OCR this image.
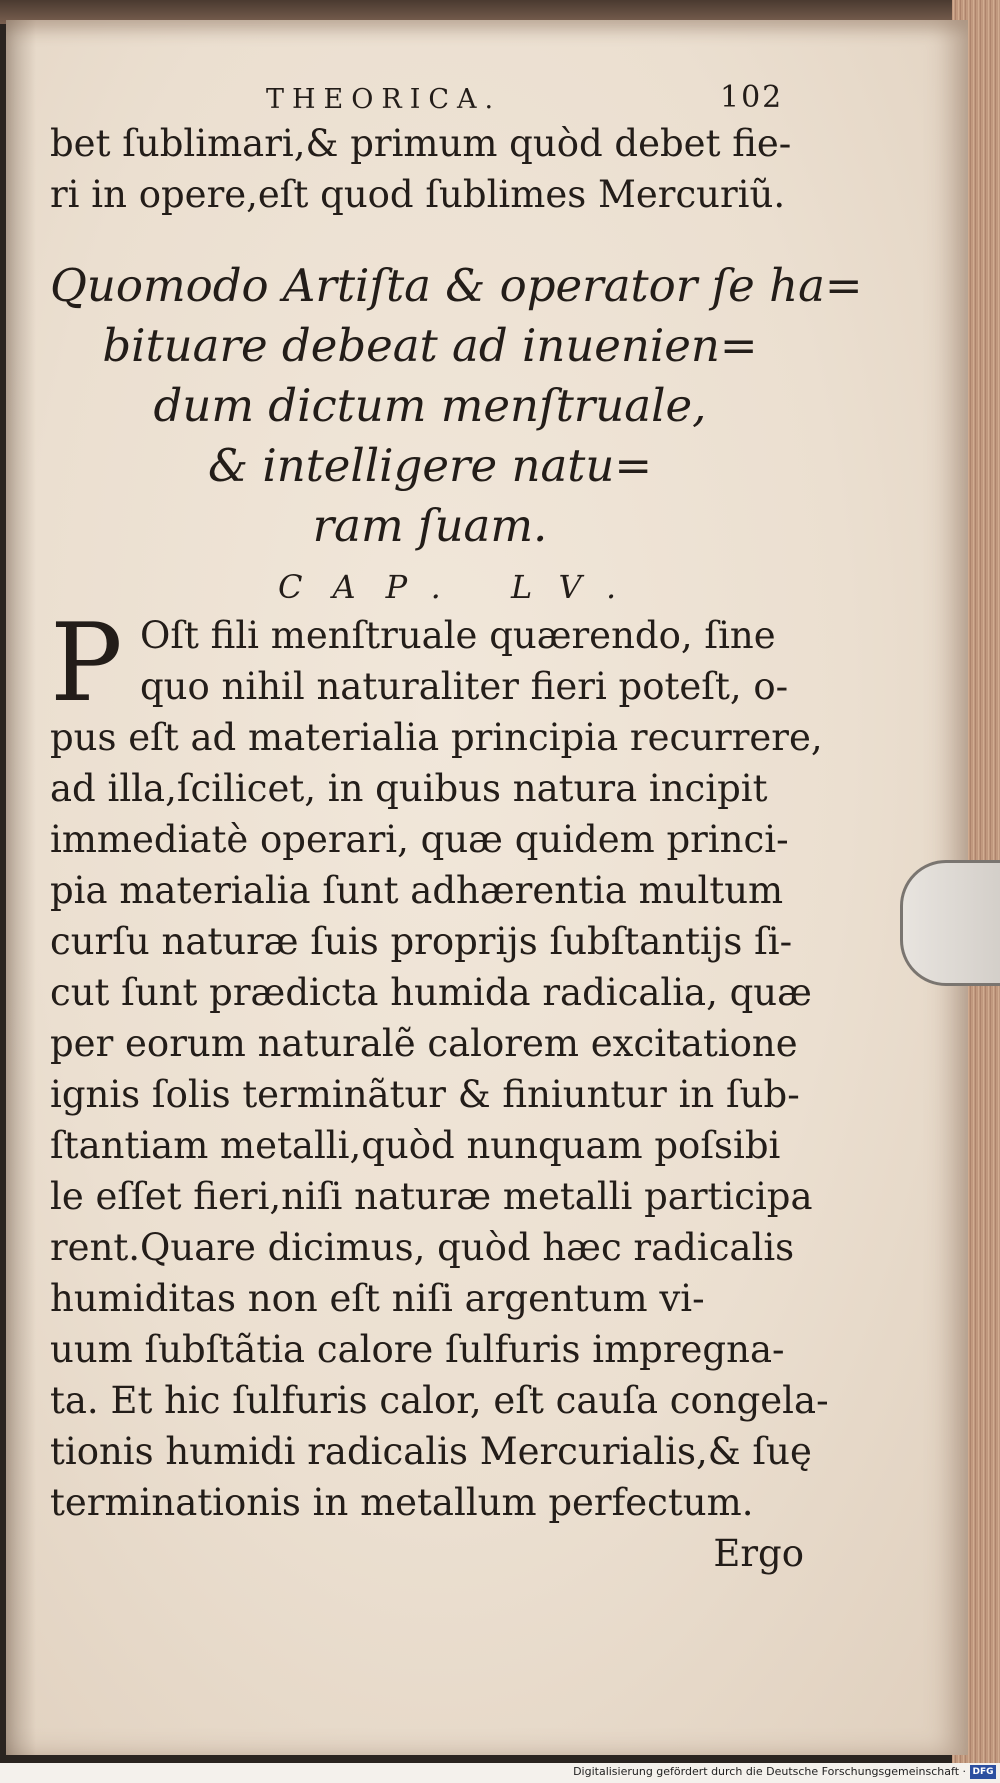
THEORICA.	102
bet ſublimari,& primum quòd debet fie-
ri in opere,eſt quod ſublimes Mercuriũ.
Quomodo Artiſta & operator ſe ha=
bituare debeat ad inuenien=
dum dictum menſtruale,
& intelligere natu=
ram ſuam.
CAP. LV.
P Oſt fili menſtruale quærendo, ſine
quo nihil naturaliter fieri poteſt, o-
pus eſt ad materialia principia recurrere,
ad illa,ſcilicet, in quibus natura incipit
immediatè operari, quæ quidem princi-
pia materialia ſunt adhærentia multum
curſu naturæ ſuis proprijs ſubſtantijs ſi-
cut ſunt prædicta humida radicalia, quæ
per eorum naturalẽ calorem excitatione
ignis ſolis terminãtur & finiuntur in ſub-
ſtantiam metalli,quòd nunquam poſsibi
le eſſet fieri,niſi naturæ metalli participa
rent.Quare dicimus, quòd hæc radicalis
humiditas non eſt niſi argentum vi-
uum ſubſtãtia calore ſulfuris impregna-
ta. Et hic ſulfuris calor, eſt cauſa congela-
tionis humidi radicalis Mercurialis,& ſuę
terminationis in metallum perfectum.
Ergo
Digitalisierung gefördert durch die Deutsche Forschungsgemeinschaft · DFG
